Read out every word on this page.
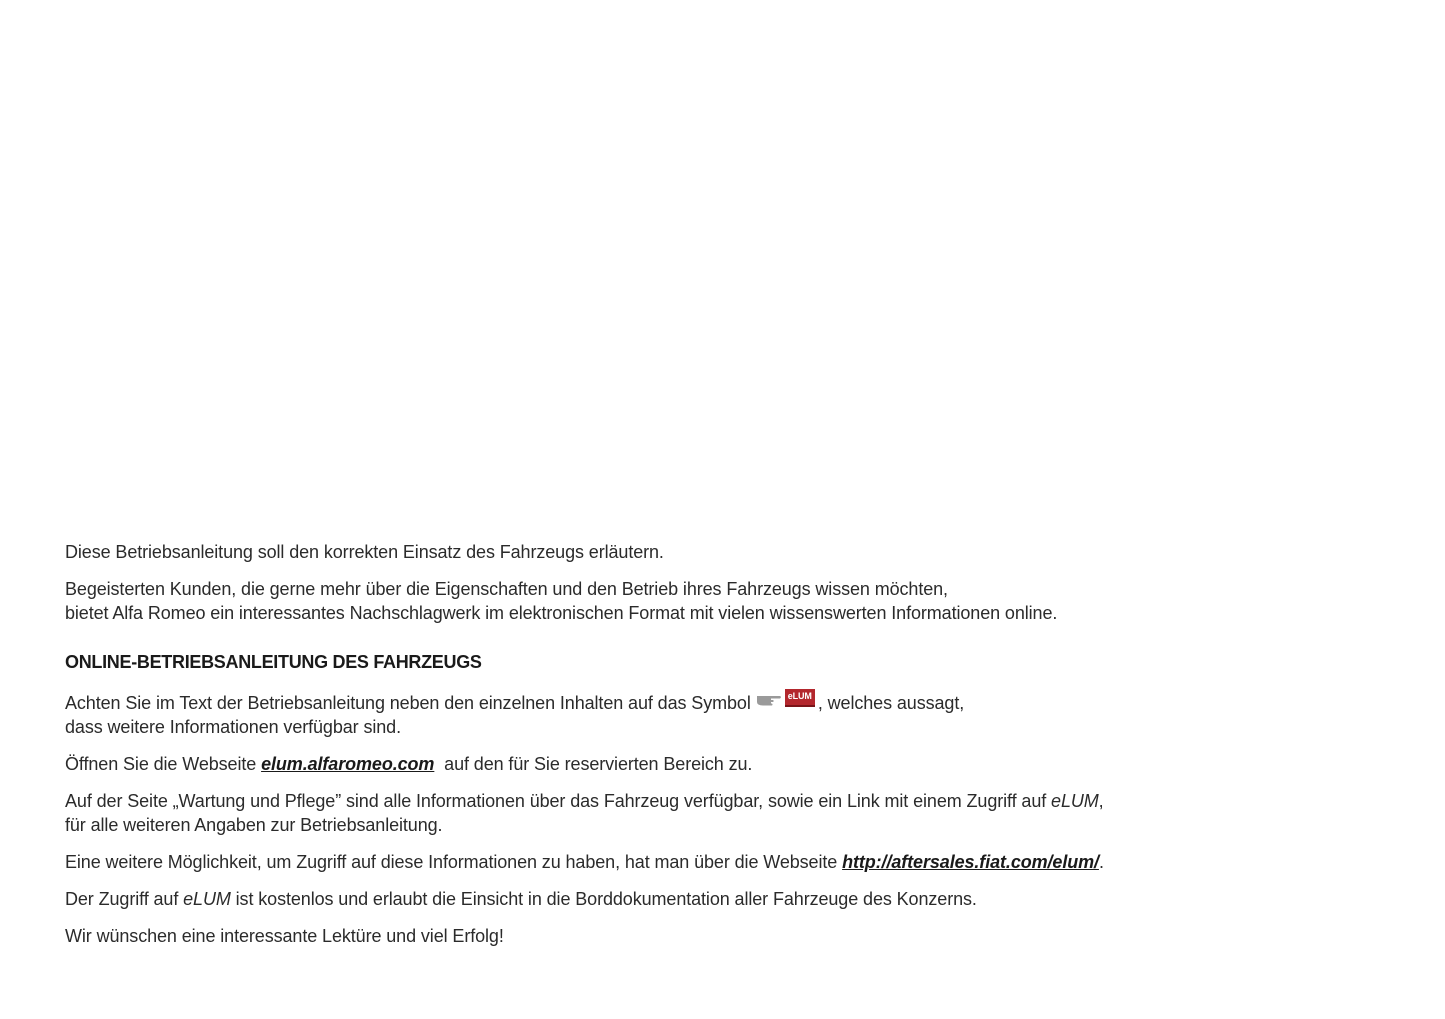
Diese Betriebsanleitung soll den korrekten Einsatz des Fahrzeugs erläutern.

Begeisterten Kunden, die gerne mehr über die Eigenschaften und den Betrieb ihres Fahrzeugs wissen möchten,
bietet Alfa Romeo ein interessantes Nachschlagwerk im elektronischen Format mit vielen wissenswerten Informationen online.

ONLINE-BETRIEBSANLEITUNG DES FAHRZEUGS

Achten Sie im Text der Betriebsanleitung neben den einzelnen Inhalten auf das Symbol	eLUM , welches aussagt,
dass weitere Informationen verfügbar sind.

Öffnen Sie die Webseite elum.alfaromeo.com auf den für Sie reservierten Bereich zu.

Auf der Seite „Wartung und Pflege” sind alle Informationen über das Fahrzeug verfügbar, sowie ein Link mit einem Zugriff auf eLUM,
für alle weiteren Angaben zur Betriebsanleitung.

Eine weitere Möglichkeit, um Zugriff auf diese Informationen zu haben, hat man über die Webseite http://aftersales.fiat.com/elum/.

Der Zugriff auf eLUM ist kostenlos und erlaubt die Einsicht in die Borddokumentation aller Fahrzeuge des Konzerns.

Wir wünschen eine interessante Lektüre und viel Erfolg!
